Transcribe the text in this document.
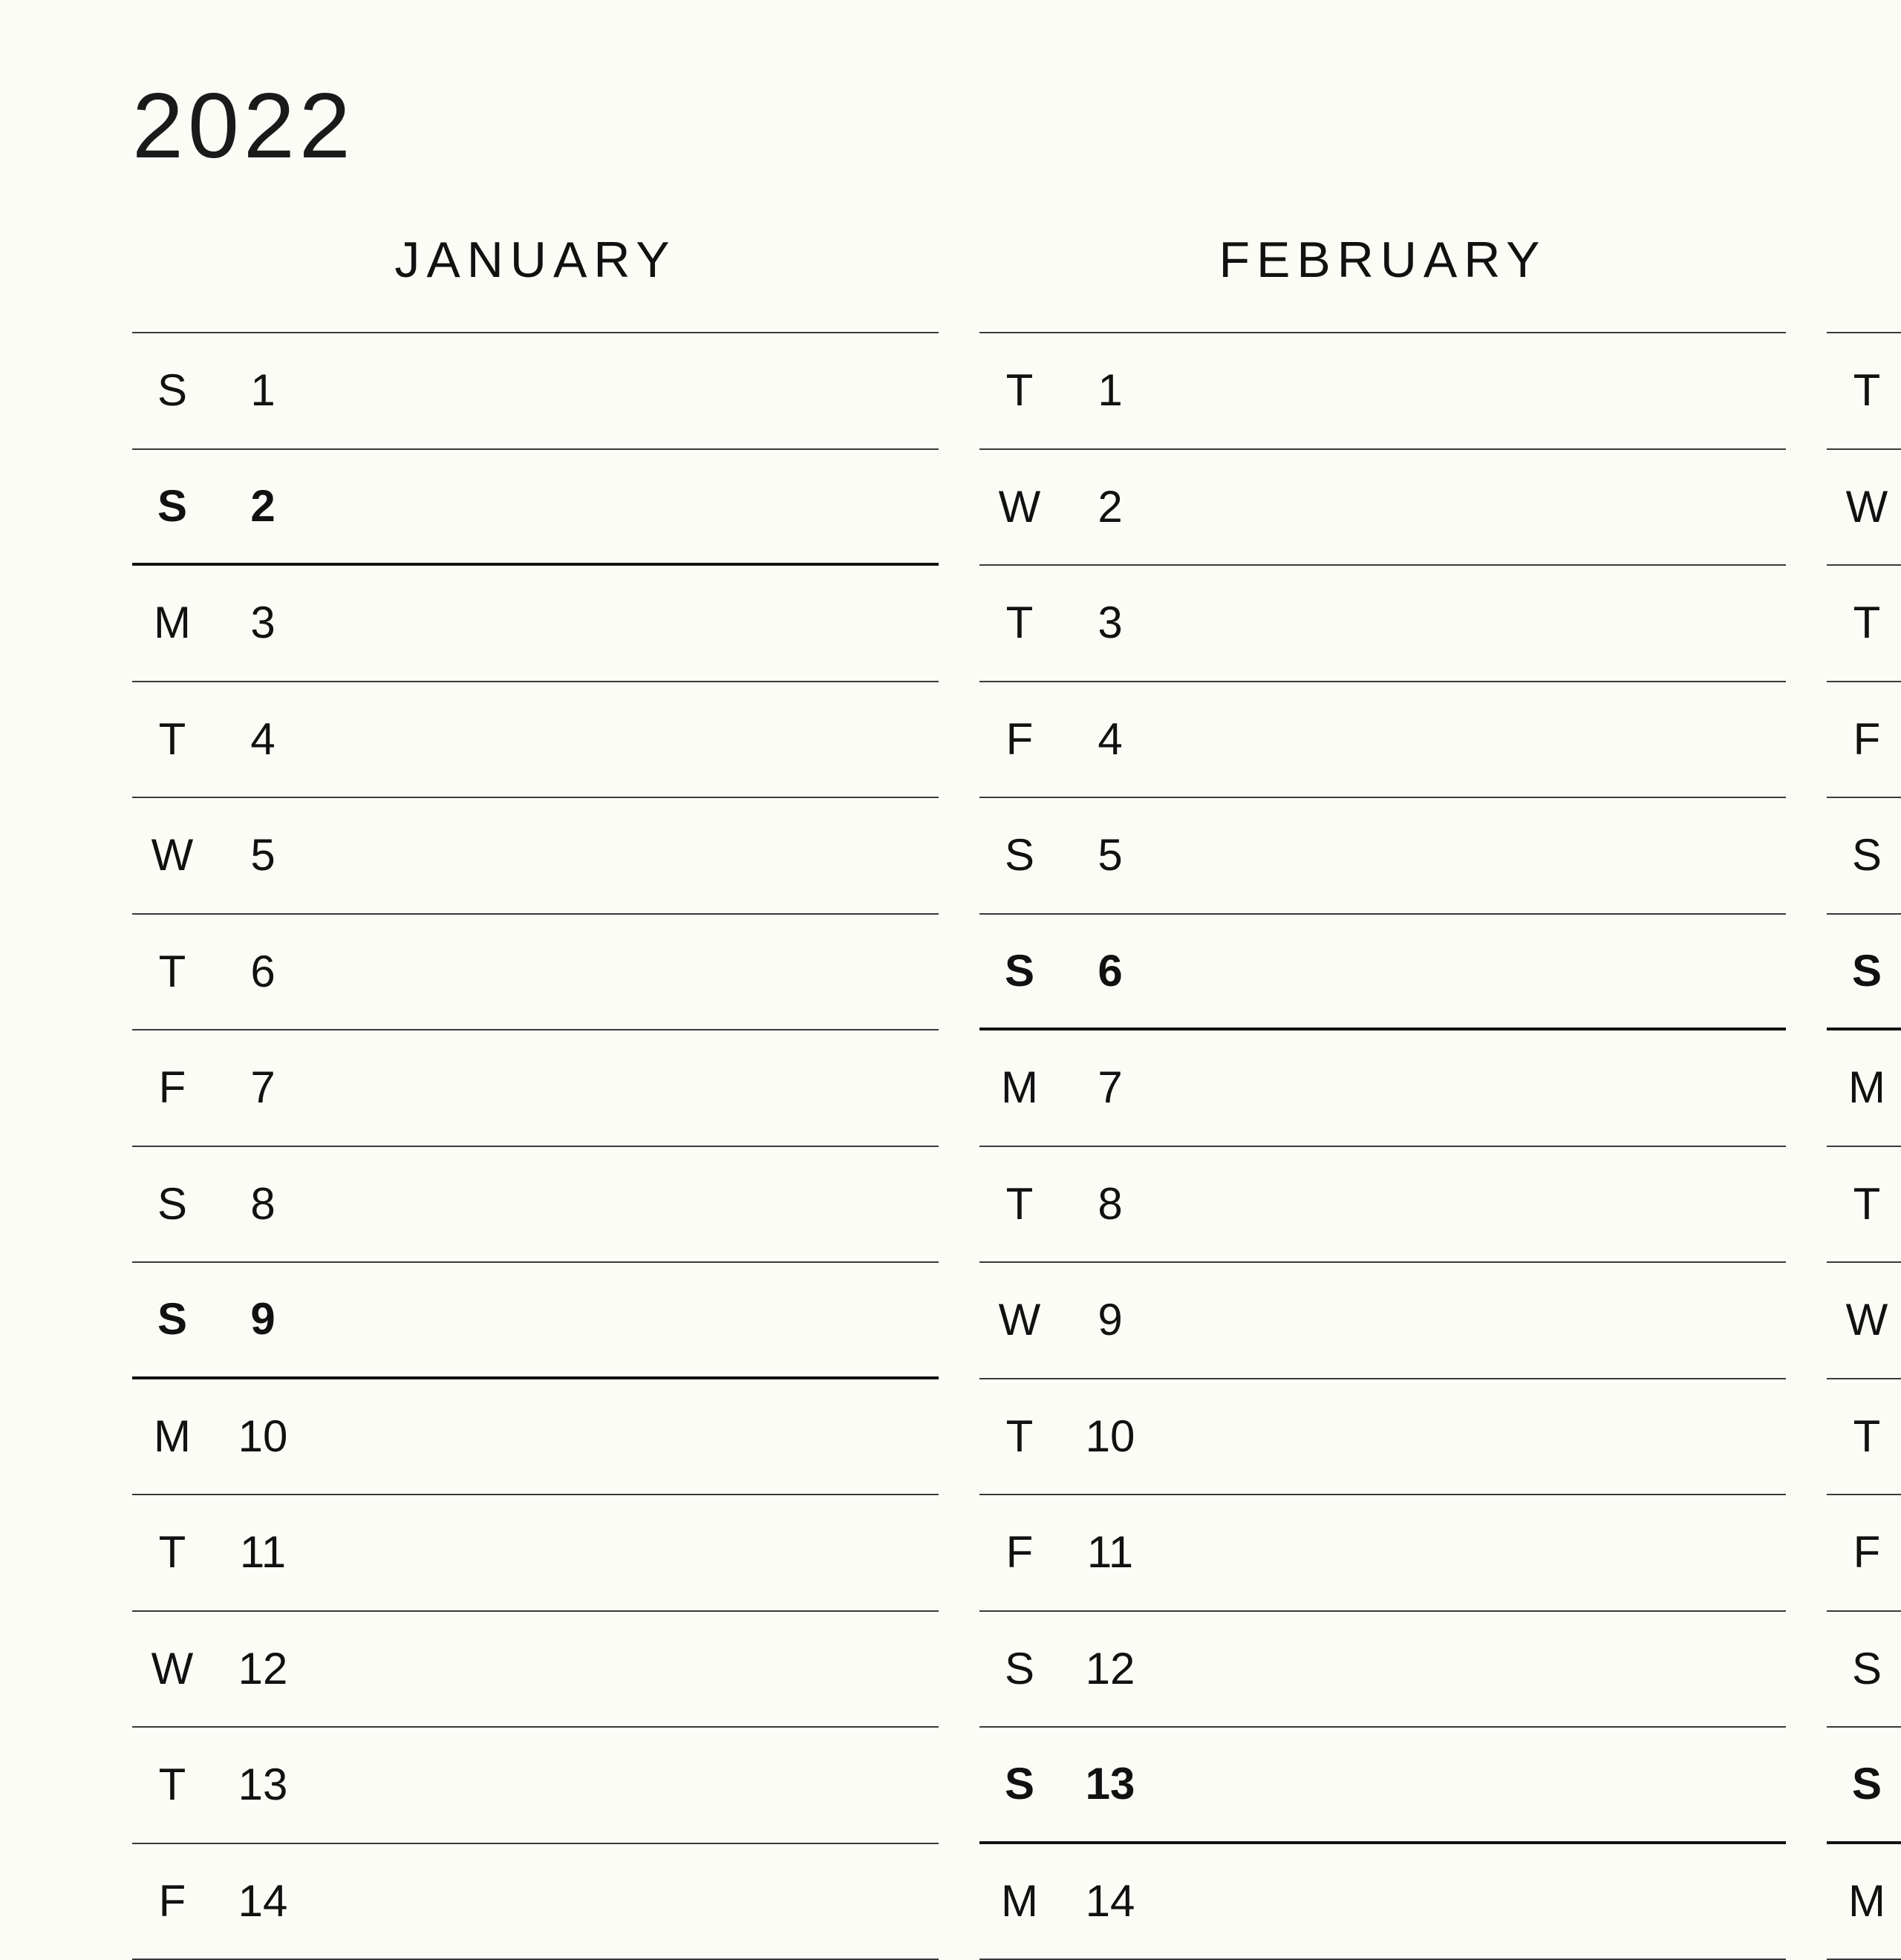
2022
JANUARY
S 1
S 2
M 3
T 4
W 5
T 6
F 7
S 8
S 9
M 10
T 11
W 12
T 13
F 14
FEBRUARY
T 1
W 2
T 3
F 4
S 5
S 6
M 7
T 8
W 9
T 10
F 11
S 12
S 13
M 14
T
W
T
F
S
S
M
T
W
T
F
S
S
M
